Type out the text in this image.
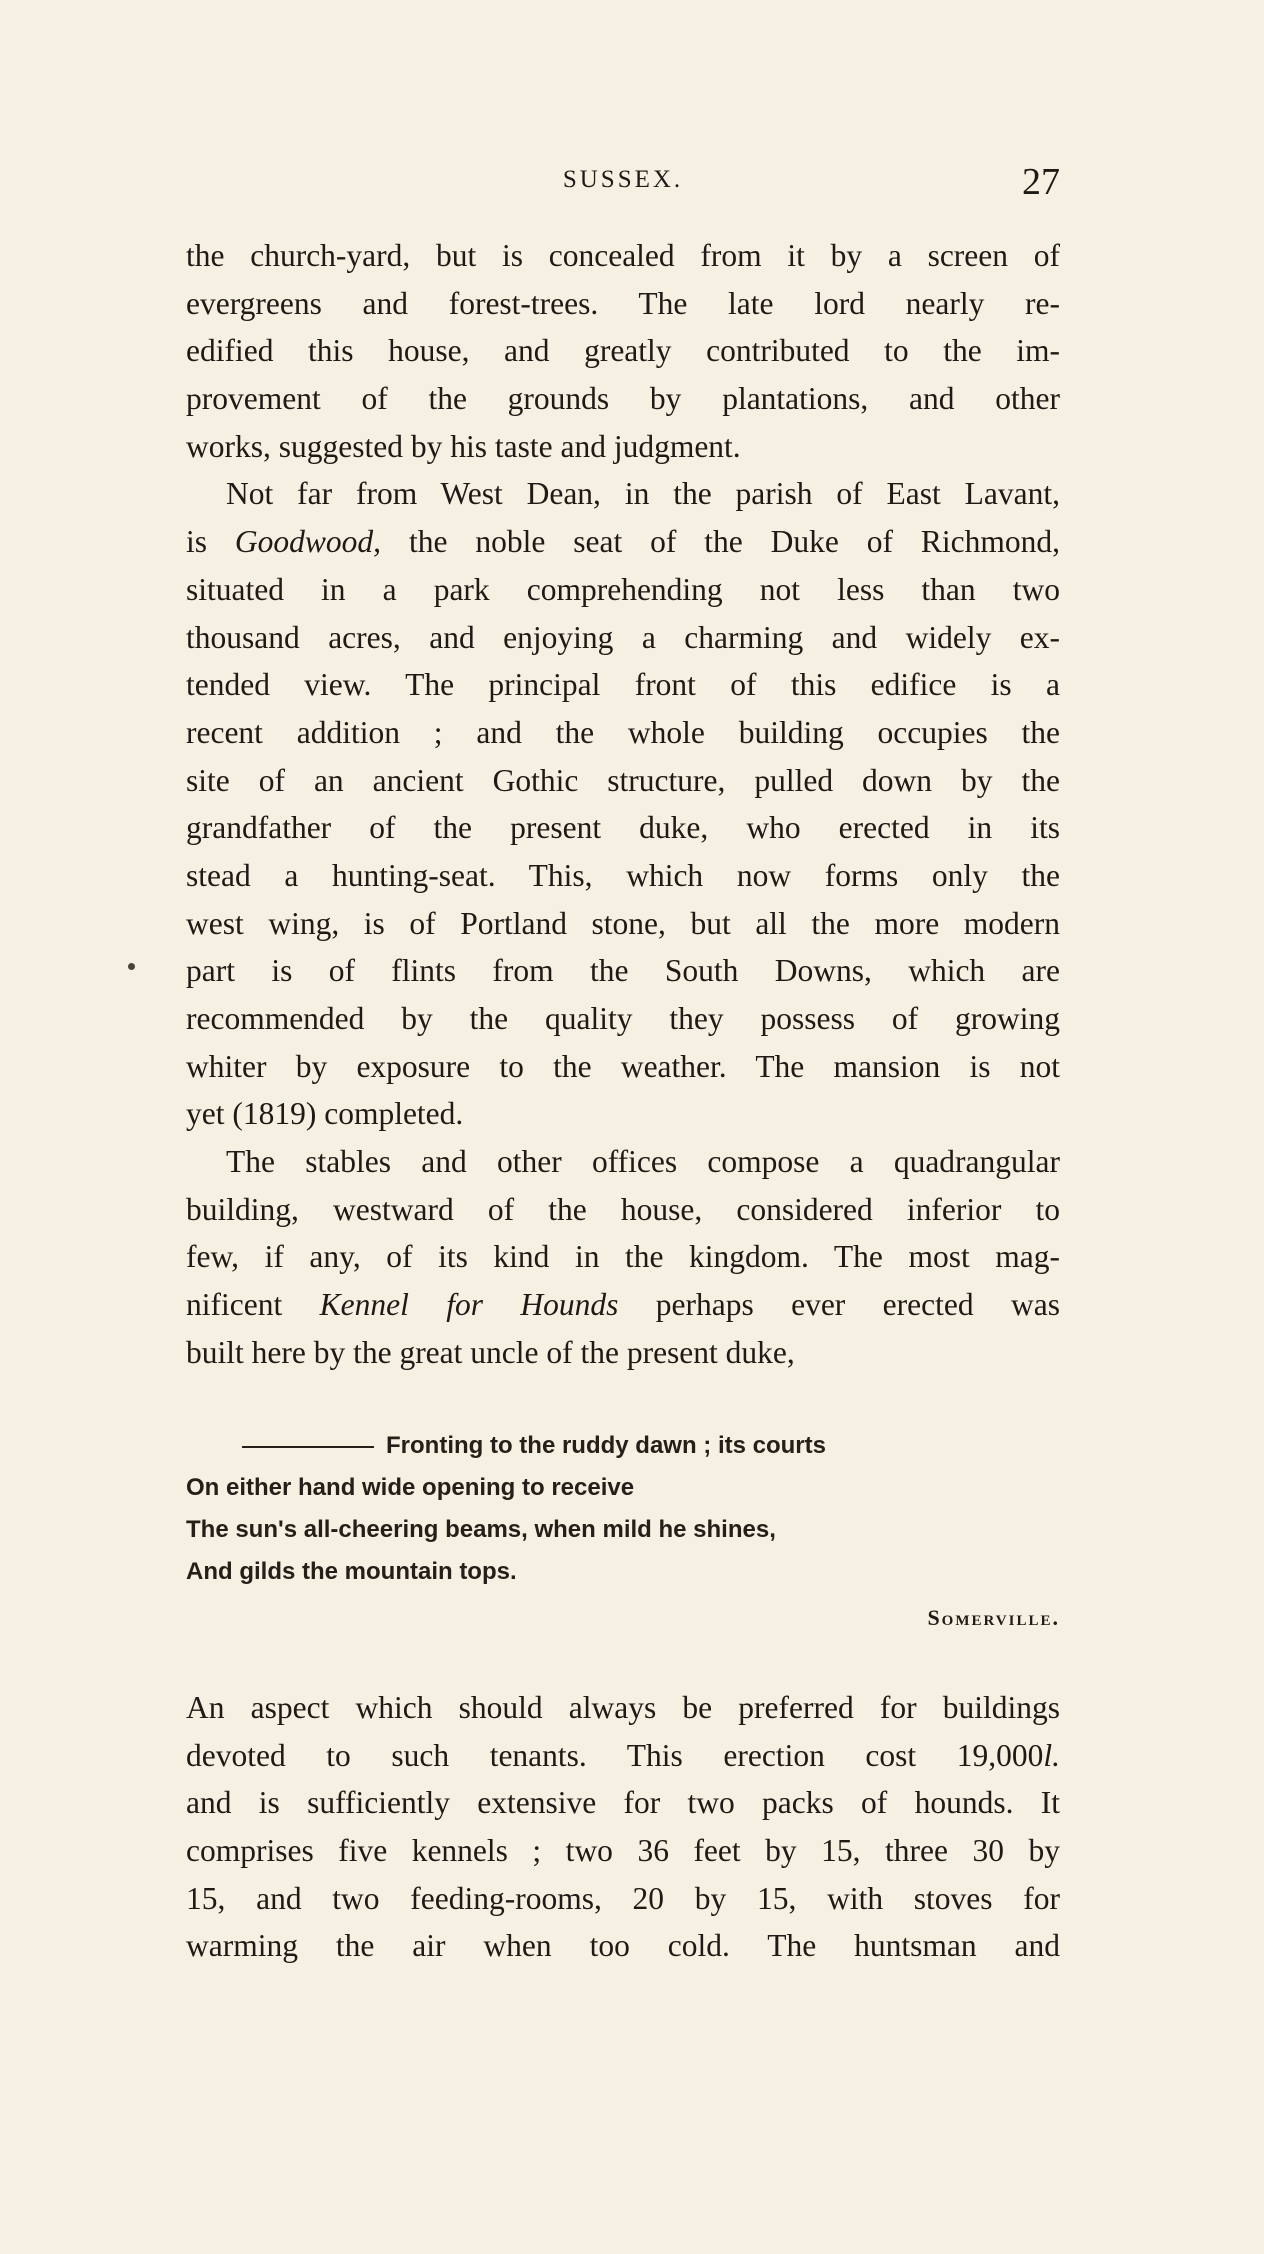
SUSSEX.	27
the church-yard, but is concealed from it by a screen of
evergreens and forest-trees. The late lord nearly re-
edified this house, and greatly contributed to the im-
provement of the grounds by plantations, and other
works, suggested by his taste and judgment.
Not far from West Dean, in the parish of East Lavant,
is Goodwood, the noble seat of the Duke of Richmond,
situated in a park comprehending not less than two
thousand acres, and enjoying a charming and widely ex-
tended view. The principal front of this edifice is a
recent addition ; and the whole building occupies the
site of an ancient Gothic structure, pulled down by the
grandfather of the present duke, who erected in its
stead a hunting-seat. This, which now forms only the
west wing, is of Portland stone, but all the more modern
part is of flints from the South Downs, which are
recommended by the quality they possess of growing
whiter by exposure to the weather. The mansion is not
yet (1819) completed.
The stables and other offices compose a quadrangular
building, westward of the house, considered inferior to
few, if any, of its kind in the kingdom. The most mag-
nificent Kennel for Hounds perhaps ever erected was
built here by the great uncle of the present duke,
Fronting to the ruddy dawn ; its courts
On either hand wide opening to receive
The sun's all-cheering beams, when mild he shines,
And gilds the mountain tops.
Somerville.
An aspect which should always be preferred for buildings
devoted to such tenants. This erection cost 19,000l.
and is sufficiently extensive for two packs of hounds. It
comprises five kennels ; two 36 feet by 15, three 30 by
15, and two feeding-rooms, 20 by 15, with stoves for
warming the air when too cold. The huntsman and
